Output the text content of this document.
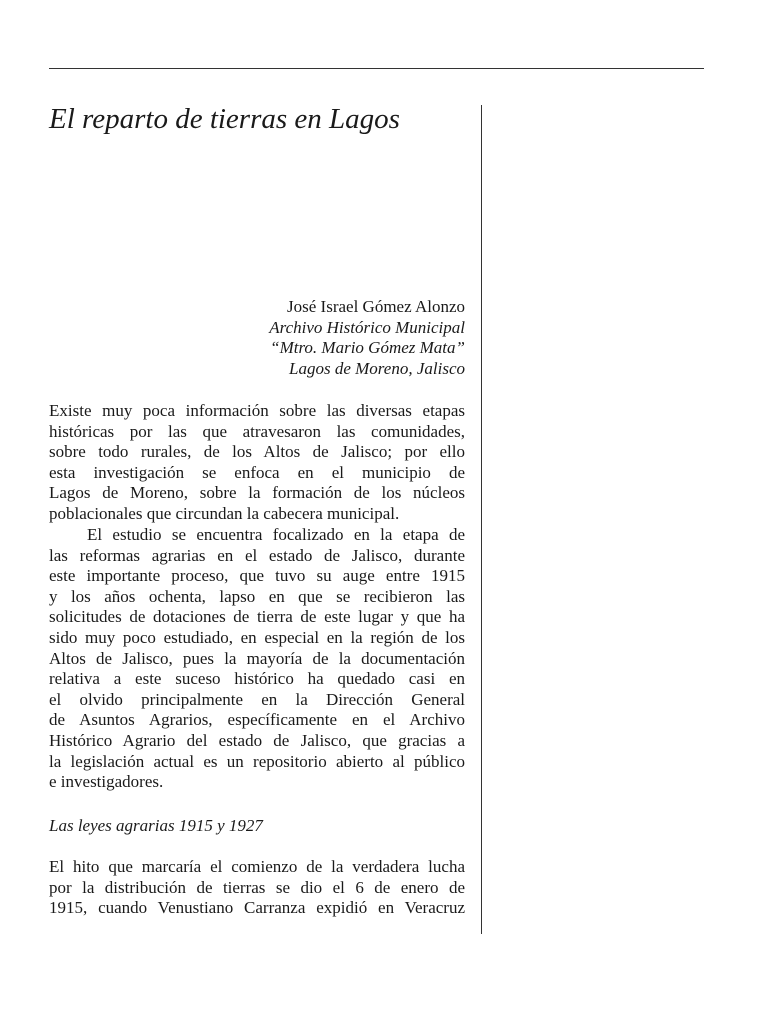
El reparto de tierras en Lagos
José Israel Gómez Alonzo
Archivo Histórico Municipal
“Mtro. Mario Gómez Mata”
Lagos de Moreno, Jalisco
Existe muy poca información sobre las diversas etapas
históricas por las que atravesaron las comunidades,
sobre todo rurales, de los Altos de Jalisco; por ello
esta investigación se enfoca en el municipio de
Lagos de Moreno, sobre la formación de los núcleos
poblacionales que circundan la cabecera municipal.
El estudio se encuentra focalizado en la etapa de
las reformas agrarias en el estado de Jalisco, durante
este importante proceso, que tuvo su auge entre 1915
y los años ochenta, lapso en que se recibieron las
solicitudes de dotaciones de tierra de este lugar y que ha
sido muy poco estudiado, en especial en la región de los
Altos de Jalisco, pues la mayoría de la documentación
relativa a este suceso histórico ha quedado casi en
el olvido principalmente en la Dirección General
de Asuntos Agrarios, específicamente en el Archivo
Histórico Agrario del estado de Jalisco, que gracias a
la legislación actual es un repositorio abierto al público
e investigadores.
Las leyes agrarias 1915 y 1927
El hito que marcaría el comienzo de la verdadera lucha
por la distribución de tierras se dio el 6 de enero de
1915, cuando Venustiano Carranza expidió en Veracruz
